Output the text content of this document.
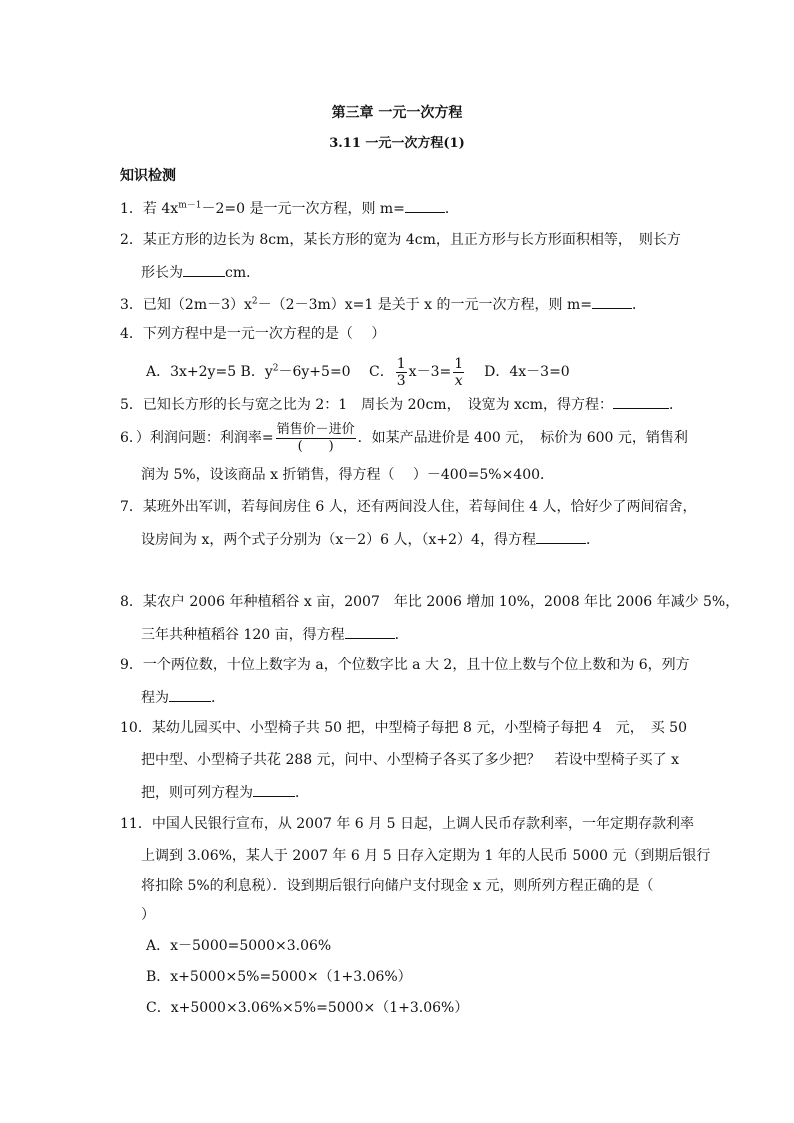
第三章 一元一次方程
3.11 一元一次方程(1)
知识检测
1．若 $4x^{m-1}-2=0$ 是一元一次方程，则 m=	．
2．某正方形的边长为 8cm，某长方形的宽为 4cm，且正方形与长方形面积相等，　则长方
形长为	cm．
3．已知$(2m-3)x^2-(2-3m)x=1$ 是关于 x 的一元一次方程，则 m=	．
4．下列方程中是一元一次方程的是（　 ）
A．3x+2y=5 B．$y^2-6y+5=0$　 C． $\frac{1}{3} x-3= \frac{1}{x}$ D．4x－3=0
5．已知长方形的长与宽之比为 2：1　周长为 20cm，　设宽为 xcm，得方程：	．
6．）利润问题：利润率= $\frac{\text{销售价－进价}}{( )}$ ．如某产品进价是 400 元，　标价为 600 元，销售利
润为 5%，设该商品 x 折销售，得方程（　 ）－400=5%×400．
7．某班外出军训，若每间房住 6 人，还有两间没人住，若每间住 4 人，恰好少了两间宿舍，
设房间为 x，两个式子分别为（x－2）6 人，（x+2）4，得方程	．
8．某农户 2006 年种植稻谷 x 亩，2007　年比 2006 增加 10%，2008 年比 2006 年减少 5%，
三年共种植稻谷 120 亩，得方程	．
9．一个两位数，十位上数字为 a，个位数字比 a 大 2，且十位上数与个位上数和为 6，列方
程为	．
10．某幼儿园买中、小型椅子共 50 把，中型椅子每把 8 元，小型椅子每把 4　元，　买 50
把中型、小型椅子共花 288 元，问中、小型椅子各买了多少把？　若设中型椅子买了 x
把，则可列方程为	．
11．中国人民银行宣布，从 2007 年 6 月 5 日起，上调人民币存款利率，一年定期存款利率
上调到 3.06%，某人于 2007 年 6 月 5 日存入定期为 1 年的人民币 5000 元（到期后银行
将扣除 5%的利息税）．设到期后银行向储户支付现金 x 元，则所列方程正确的是（
）
A．x－5000=5000×3.06%
B．x+5000×5%=5000×（1+3.06%）
C．x+5000×3.06%×5%=5000×（1+3.06%）
